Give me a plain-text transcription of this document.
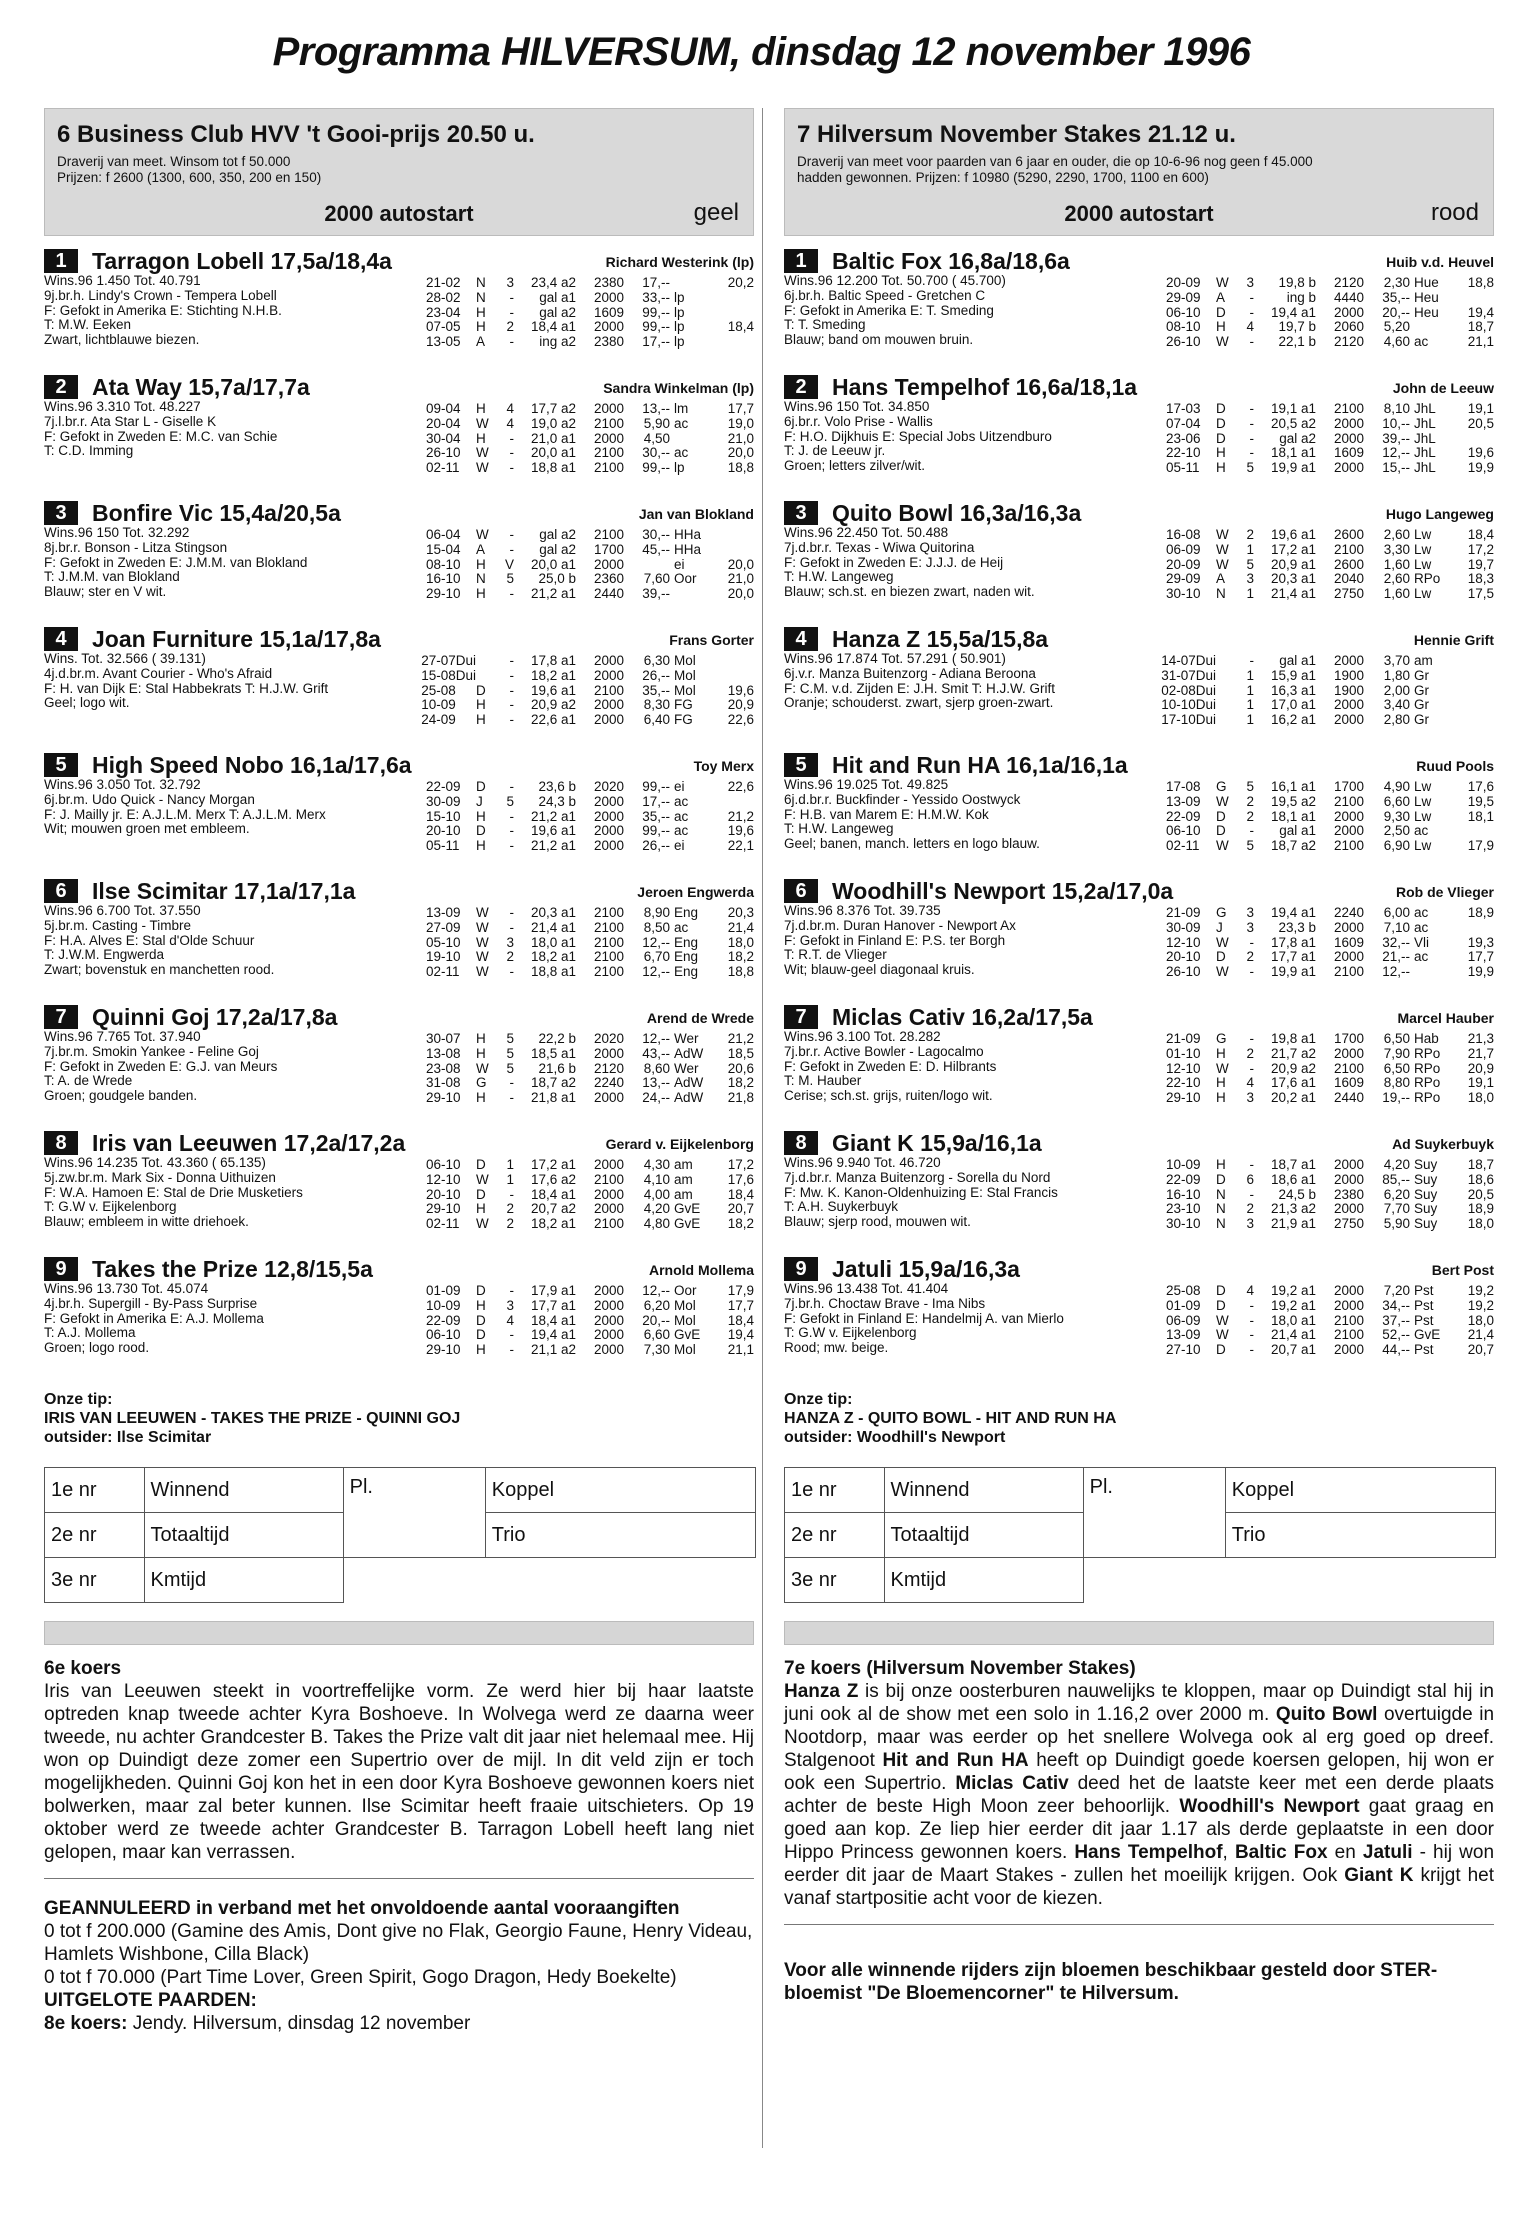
Programma HILVERSUM, dinsdag 12 november 1996
6 Business Club HVV 't Gooi-prijs 20.50 u.
Draverij van meet. Winsom tot f 50.000
Prijzen: f 2600 (1300, 600, 350, 200 en 150)
2000 autostart	geel
1	Tarragon Lobell 17,5a/18,4a	Richard Westerink (lp)
Wins.96 1.450 Tot. 40.791
9j.br.h. Lindy's Crown - Tempera Lobell
F: Gefokt in Amerika E: Stichting N.H.B.
T: M.W. Eeken
Zwart, lichtblauwe biezen.
21-02	N	3	23,4 a2	2380	17,--		20,2
28-02	N	-	gal a1	2000	33,--	lp	
23-04	H	-	gal a2	1609	99,--	lp	
07-05	H	2	18,4 a1	2000	99,--	lp	18,4
13-05	A	-	ing a2	2380	17,--	lp	
2	Ata Way 15,7a/17,7a	Sandra Winkelman (lp)
Wins.96 3.310 Tot. 48.227
7j.l.br.r. Ata Star L - Giselle K
F: Gefokt in Zweden E: M.C. van Schie
T: C.D. Imming
09-04	H	4	17,7 a2	2000	13,--	lm	17,7
20-04	W	4	19,0 a2	2100	5,90	ac	19,0
30-04	H	-	21,0 a1	2000	4,50		21,0
26-10	W	-	20,0 a1	2100	30,--	ac	20,0
02-11	W	-	18,8 a1	2100	99,--	lp	18,8
3	Bonfire Vic 15,4a/20,5a	Jan van Blokland
Wins.96 150 Tot. 32.292
8j.br.r. Bonson - Litza Stingson
F: Gefokt in Zweden E: J.M.M. van Blokland
T: J.M.M. van Blokland
Blauw; ster en V wit.
06-04	W	-	gal a2	2100	30,--	HHa	
15-04	A	-	gal a2	1700	45,--	HHa	
08-10	H	V	20,0 a1	2000		ei	20,0
16-10	N	5	25,0 b	2360	7,60	Oor	21,0
29-10	H	-	21,2 a1	2440	39,--		20,0
4	Joan Furniture 15,1a/17,8a	Frans Gorter
Wins. Tot. 32.566 ( 39.131)
4j.d.br.m. Avant Courier - Who's Afraid
F: H. van Dijk E: Stal Habbekrats T: H.J.W. Grift
Geel; logo wit.
27-07Dui		-	17,8 a1	2000	6,30	Mol	
15-08Dui		-	18,2 a1	2000	26,--	Mol	
25-08	D	-	19,6 a1	2100	35,--	Mol	19,6
10-09	H	-	20,9 a2	2000	8,30	FG	20,9
24-09	H	-	22,6 a1	2000	6,40	FG	22,6
5	High Speed Nobo 16,1a/17,6a	Toy Merx
Wins.96 3.050 Tot. 32.792
6j.br.m. Udo Quick - Nancy Morgan
F: J. Mailly jr. E: A.J.L.M. Merx T: A.J.L.M. Merx
Wit; mouwen groen met embleem.
22-09	D	-	23,6 b	2020	99,--	ei	22,6
30-09	J	5	24,3 b	2000	17,--	ac	
15-10	H	-	21,2 a1	2000	35,--	ac	21,2
20-10	D	-	19,6 a1	2000	99,--	ac	19,6
05-11	H	-	21,2 a1	2000	26,--	ei	22,1
6	Ilse Scimitar 17,1a/17,1a	Jeroen Engwerda
Wins.96 6.700 Tot. 37.550
5j.br.m. Casting - Timbre
F: H.A. Alves E: Stal d'Olde Schuur
T: J.W.M. Engwerda
Zwart; bovenstuk en manchetten rood.
13-09	W	-	20,3 a1	2100	8,90	Eng	20,3
27-09	W	-	21,4 a1	2100	8,50	ac	21,4
05-10	W	3	18,0 a1	2100	12,--	Eng	18,0
19-10	W	2	18,2 a1	2100	6,70	Eng	18,2
02-11	W	-	18,8 a1	2100	12,--	Eng	18,8
7	Quinni Goj 17,2a/17,8a	Arend de Wrede
Wins.96 7.765 Tot. 37.940
7j.br.m. Smokin Yankee - Feline Goj
F: Gefokt in Zweden E: G.J. van Meurs
T: A. de Wrede
Groen; goudgele banden.
30-07	H	5	22,2 b	2020	12,--	Wer	21,2
13-08	H	5	18,5 a1	2000	43,--	AdW	18,5
23-08	W	5	21,6 b	2120	8,60	Wer	20,6
31-08	G	-	18,7 a2	2240	13,--	AdW	18,2
29-10	H	-	21,8 a1	2000	24,--	AdW	21,8
8	Iris van Leeuwen 17,2a/17,2a	Gerard v. Eijkelenborg
Wins.96 14.235 Tot. 43.360 ( 65.135)
5j.zw.br.m. Mark Six - Donna Uithuizen
F: W.A. Hamoen E: Stal de Drie Musketiers
T: G.W v. Eijkelenborg
Blauw; embleem in witte driehoek.
06-10	D	1	17,2 a1	2000	4,30	am	17,2
12-10	W	1	17,6 a2	2100	4,10	am	17,6
20-10	D	-	18,4 a1	2000	4,00	am	18,4
29-10	H	2	20,7 a2	2000	4,20	GvE	20,7
02-11	W	2	18,2 a1	2100	4,80	GvE	18,2
9	Takes the Prize 12,8/15,5a	Arnold Mollema
Wins.96 13.730 Tot. 45.074
4j.br.h. Supergill - By-Pass Surprise
F: Gefokt in Amerika E: A.J. Mollema
T: A.J. Mollema
Groen; logo rood.
01-09	D	-	17,9 a1	2000	12,--	Oor	17,9
10-09	H	3	17,7 a1	2000	6,20	Mol	17,7
22-09	D	4	18,4 a1	2000	20,--	Mol	18,4
06-10	D	-	19,4 a1	2000	6,60	GvE	19,4
29-10	H	-	21,1 a2	2000	7,30	Mol	21,1
Onze tip:
IRIS VAN LEEUWEN - TAKES THE PRIZE - QUINNI GOJ
outsider: Ilse Scimitar
1e nr	Winnend	Pl.	Koppel
2e nr	Totaaltijd		Trio
3e nr	Kmtijd		
6e koers
Iris van Leeuwen steekt in voortreffelijke vorm. Ze werd hier bij haar laatste optreden knap tweede achter Kyra Boshoeve. In Wolvega werd ze daarna weer tweede, nu achter Grandcester B. Takes the Prize valt dit jaar niet helemaal mee. Hij won op Duindigt deze zomer een Supertrio over de mijl. In dit veld zijn er toch mogelijkheden. Quinni Goj kon het in een door Kyra Boshoeve gewonnen koers niet bolwerken, maar zal beter kunnen. Ilse Scimitar heeft fraaie uitschieters. Op 19 oktober werd ze tweede achter Grandcester B. Tarragon Lobell heeft lang niet gelopen, maar kan verrassen.
GEANNULEERD in verband met het onvoldoende aantal vooraangiften
0 tot f 200.000 (Gamine des Amis, Dont give no Flak, Georgio Faune, Henry Videau, Hamlets Wishbone, Cilla Black)
0 tot f 70.000 (Part Time Lover, Green Spirit, Gogo Dragon, Hedy Boekelte)
UITGELOTE PAARDEN:
8e koers: Jendy. Hilversum, dinsdag 12 november
7 Hilversum November Stakes 21.12 u.
Draverij van meet voor paarden van 6 jaar en ouder, die op 10-6-96 nog geen f 45.000
hadden gewonnen. Prijzen: f 10980 (5290, 2290, 1700, 1100 en 600)
2000 autostart	rood
1	Baltic Fox 16,8a/18,6a	Huib v.d. Heuvel
Wins.96 12.200 Tot. 50.700 ( 45.700)
6j.br.h. Baltic Speed - Gretchen C
F: Gefokt in Amerika E: T. Smeding
T: T. Smeding
Blauw; band om mouwen bruin.
20-09	W	3	19,8 b	2120	2,30	Hue	18,8
29-09	A	-	ing b	4440	35,--	Heu	
06-10	D	-	19,4 a1	2000	20,--	Heu	19,4
08-10	H	4	19,7 b	2060	5,20		18,7
26-10	W	-	22,1 b	2120	4,60	ac	21,1
2	Hans Tempelhof 16,6a/18,1a	John de Leeuw
Wins.96 150 Tot. 34.850
6j.br.r. Volo Prise - Wallis
F: H.O. Dijkhuis E: Special Jobs Uitzendburo
T: J. de Leeuw jr.
Groen; letters zilver/wit.
17-03	D	-	19,1 a1	2100	8,10	JhL	19,1
07-04	D	-	20,5 a2	2000	10,--	JhL	20,5
23-06	D	-	gal a2	2000	39,--	JhL	
22-10	H	-	18,1 a1	1609	12,--	JhL	19,6
05-11	H	5	19,9 a1	2000	15,--	JhL	19,9
3	Quito Bowl 16,3a/16,3a	Hugo Langeweg
Wins.96 22.450 Tot. 50.488
7j.d.br.r. Texas - Wiwa Quitorina
F: Gefokt in Zweden E: J.J.J. de Heij
T: H.W. Langeweg
Blauw; sch.st. en biezen zwart, naden wit.
16-08	W	2	19,6 a1	2600	2,60	Lw	18,4
06-09	W	1	17,2 a1	2100	3,30	Lw	17,2
20-09	W	5	20,9 a1	2600	1,60	Lw	19,7
29-09	A	3	20,3 a1	2040	2,60	RPo	18,3
30-10	N	1	21,4 a1	2750	1,60	Lw	17,5
4	Hanza Z 15,5a/15,8a	Hennie Grift
Wins.96 17.874 Tot. 57.291 ( 50.901)
6j.v.r. Manza Buitenzorg - Adiana Beroona
F: C.M. v.d. Zijden E: J.H. Smit T: H.J.W. Grift
Oranje; schouderst. zwart, sjerp groen-zwart.
14-07Dui		-	gal a1	2000	3,70	am	
31-07Dui		1	15,9 a1	1900	1,80	Gr	
02-08Dui		1	16,3 a1	1900	2,00	Gr	
10-10Dui		1	17,0 a1	2000	3,40	Gr	
17-10Dui		1	16,2 a1	2000	2,80	Gr	
5	Hit and Run HA 16,1a/16,1a	Ruud Pools
Wins.96 19.025 Tot. 49.825
6j.d.br.r. Buckfinder - Yessido Oostwyck
F: H.B. van Marem E: H.M.W. Kok
T: H.W. Langeweg
Geel; banen, manch. letters en logo blauw.
17-08	G	5	16,1 a1	1700	4,90	Lw	17,6
13-09	W	2	19,5 a2	2100	6,60	Lw	19,5
22-09	D	2	18,1 a1	2000	9,30	Lw	18,1
06-10	D	-	gal a1	2000	2,50	ac	
02-11	W	5	18,7 a2	2100	6,90	Lw	17,9
6	Woodhill's Newport 15,2a/17,0a	Rob de Vlieger
Wins.96 8.376 Tot. 39.735
7j.d.br.m. Duran Hanover - Newport Ax
F: Gefokt in Finland E: P.S. ter Borgh
T: R.T. de Vlieger
Wit; blauw-geel diagonaal kruis.
21-09	G	3	19,4 a1	2240	6,00	ac	18,9
30-09	J	3	23,3 b	2000	7,10	ac	
12-10	W	-	17,8 a1	1609	32,--	Vli	19,3
20-10	D	2	17,7 a1	2000	21,--	ac	17,7
26-10	W	-	19,9 a1	2100	12,--		19,9
7	Miclas Cativ 16,2a/17,5a	Marcel Hauber
Wins.96 3.100 Tot. 28.282
7j.br.r. Active Bowler - Lagocalmo
F: Gefokt in Zweden E: D. Hilbrants
T: M. Hauber
Cerise; sch.st. grijs, ruiten/logo wit.
21-09	G	-	19,8 a1	1700	6,50	Hab	21,3
01-10	H	2	21,7 a2	2000	7,90	RPo	21,7
12-10	W	-	20,9 a2	2100	6,50	RPo	20,9
22-10	H	4	17,6 a1	1609	8,80	RPo	19,1
29-10	H	3	20,2 a1	2440	19,--	RPo	18,0
8	Giant K 15,9a/16,1a	Ad Suykerbuyk
Wins.96 9.940 Tot. 46.720
7j.d.br.r. Manza Buitenzorg - Sorella du Nord
F: Mw. K. Kanon-Oldenhuizing E: Stal Francis
T: A.H. Suykerbuyk
Blauw; sjerp rood, mouwen wit.
10-09	H	-	18,7 a1	2000	4,20	Suy	18,7
22-09	D	6	18,6 a1	2000	85,--	Suy	18,6
16-10	N	-	24,5 b	2380	6,20	Suy	20,5
23-10	N	2	21,3 a2	2000	7,70	Suy	18,9
30-10	N	3	21,9 a1	2750	5,90	Suy	18,0
9	Jatuli 15,9a/16,3a	Bert Post
Wins.96 13.438 Tot. 41.404
7j.br.h. Choctaw Brave - Ima Nibs
F: Gefokt in Finland E: Handelmij A. van Mierlo
T: G.W v. Eijkelenborg
Rood; mw. beige.
25-08	D	4	19,2 a1	2000	7,20	Pst	19,2
01-09	D	-	19,2 a1	2000	34,--	Pst	19,2
06-09	W	-	18,0 a1	2100	37,--	Pst	18,0
13-09	W	-	21,4 a1	2100	52,--	GvE	21,4
27-10	D	-	20,7 a1	2000	44,--	Pst	20,7
Onze tip:
HANZA Z - QUITO BOWL - HIT AND RUN HA
outsider: Woodhill's Newport
1e nr	Winnend	Pl.	Koppel
2e nr	Totaaltijd		Trio
3e nr	Kmtijd		
7e koers (Hilversum November Stakes)
Hanza Z is bij onze oosterburen nauwelijks te kloppen, maar op Duindigt stal hij in juni ook al de show met een solo in 1.16,2 over 2000 m. Quito Bowl overtuigde in Nootdorp, maar was eerder op het snellere Wolvega ook al erg goed op dreef. Stalgenoot Hit and Run HA heeft op Duindigt goede koersen gelopen, hij won er ook een Supertrio. Miclas Cativ deed het de laatste keer met een derde plaats achter de beste High Moon zeer behoorlijk. Woodhill's Newport gaat graag en goed aan kop. Ze liep hier eerder dit jaar 1.17 als derde geplaatste in een door Hippo Princess gewonnen koers. Hans Tempelhof, Baltic Fox en Jatuli - hij won eerder dit jaar de Maart Stakes - zullen het moeilijk krijgen. Ook Giant K krijgt het vanaf startpositie acht voor de kiezen.
Voor alle winnende rijders zijn bloemen beschikbaar gesteld door STER-bloemist "De Bloemencorner" te Hilversum.
